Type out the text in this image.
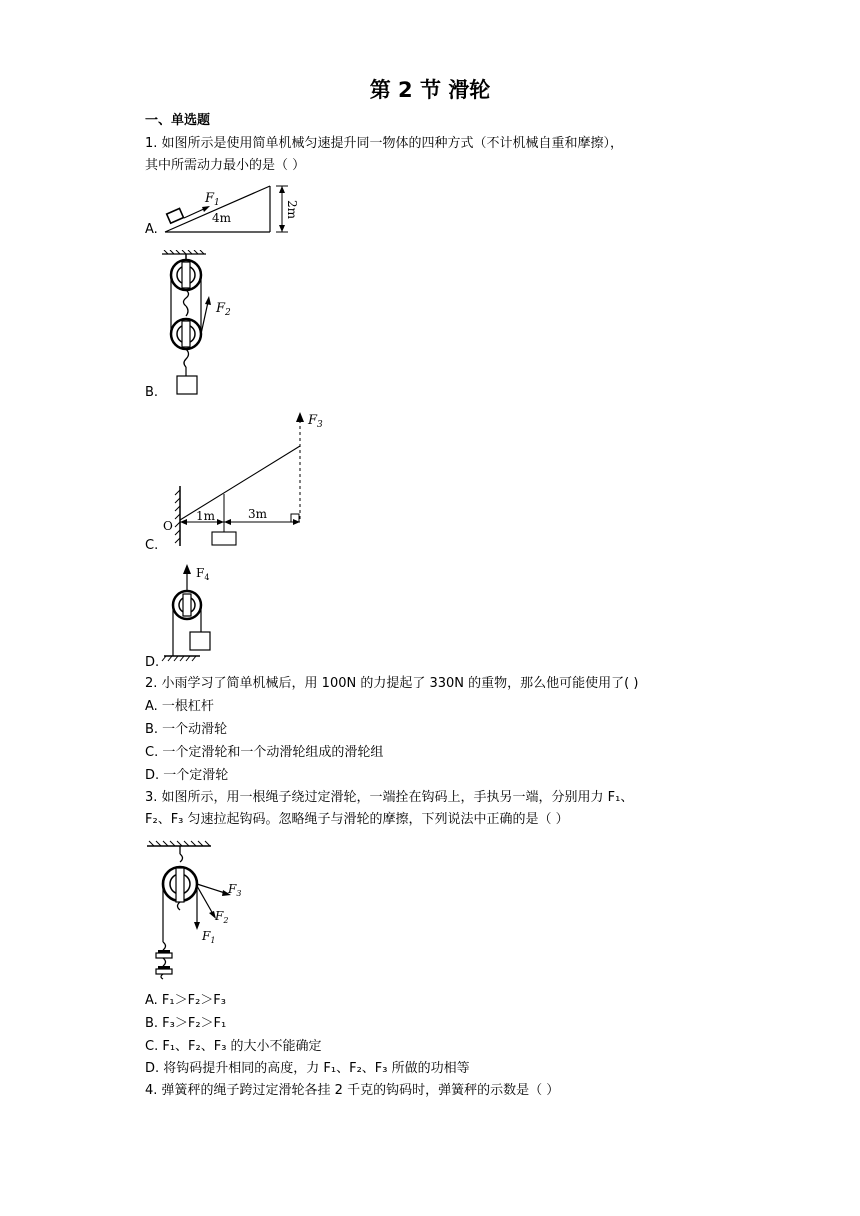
第 2 节 滑轮
一、单选题
1. 如图所示是使用简单机械匀速提升同一物体的四种方式（不计机械自重和摩擦），
其中所需动力最小的是（ ）
$F_1$
4m	2m
A.
$F_2$
B.
O
$F_3$
1m	3m
C.
$F_4$
D.
2. 小雨学习了简单机械后，用 100N 的力提起了 330N 的重物，那么他可能使用了( )
A. 一根杠杆
B. 一个动滑轮
C. 一个定滑轮和一个动滑轮组成的滑轮组
D. 一个定滑轮
3. 如图所示，用一根绳子绕过定滑轮，一端拴在钩码上，手执另一端，分别用力 F₁、
F₂、F₃ 匀速拉起钩码。忽略绳子与滑轮的摩擦，下列说法中正确的是（ ）
$F_1$
$F_2$
$F_3$
A. F₁＞F₂＞F₃
B. F₃＞F₂＞F₁
C. F₁、F₂、F₃ 的大小不能确定
D. 将钩码提升相同的高度，力 F₁、F₂、F₃ 所做的功相等
4. 弹簧秤的绳子跨过定滑轮各挂 2 千克的钩码时，弹簧秤的示数是（ ）
